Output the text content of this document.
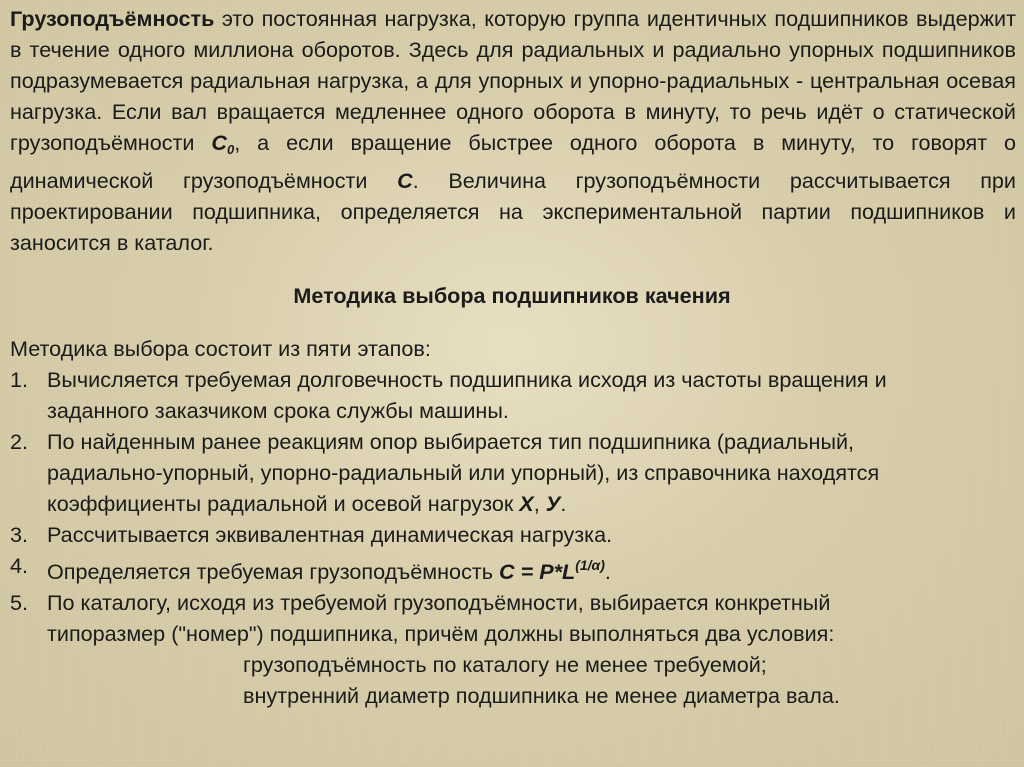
Грузоподъёмность это постоянная нагрузка, которую группа идентичных подшипников выдержит в течение одного миллиона оборотов. Здесь для радиальных и радиально упорных подшипников подразумевается радиальная нагрузка, а для упорных и упорно-радиальных - центральная осевая нагрузка. Если вал вращается медленнее одного оборота в минуту, то речь идёт о статической грузоподъёмности $С_0$, а если вращение быстрее одного оборота в минуту, то говорят о динамической грузоподъёмности С. Величина грузоподъёмности рассчитывается при проектировании подшипника, определяется на экспериментальной партии подшипников и заносится в каталог.

Методика выбора подшипников качения

Методика выбора состоит из пяти этапов:

1. Вычисляется требуемая долговечность подшипника исходя из частоты вращения и
заданного заказчиком срока службы машины.
2. По найденным ранее реакциям опор выбирается тип подшипника (радиальный,
радиально-упорный, упорно-радиальный или упорный), из справочника находятся
коэффициенты радиальной и осевой нагрузок X, У.
3. Рассчитывается эквивалентная динамическая нагрузка.
4. Определяется требуемая грузоподъёмность $С = Р*L^{(1/\alpha)}$.
5. По каталогу, исходя из требуемой грузоподъёмности, выбирается конкретный
типоразмер ("номер") подшипника, причём должны выполняться два условия:
грузоподъёмность по каталогу не менее требуемой;
внутренний диаметр подшипника не менее диаметра вала.
